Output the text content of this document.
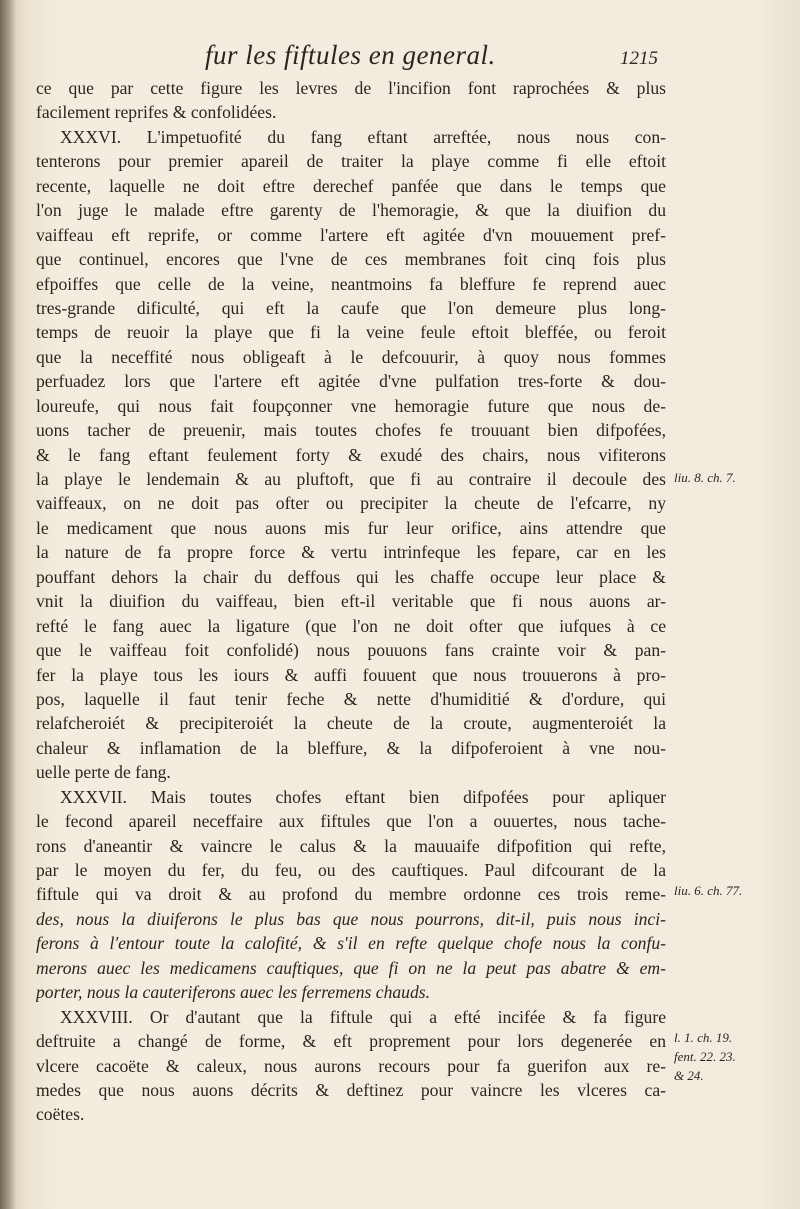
fur les fiftules en general.	1215
ce que par cette figure les levres de l'incifion font raprochées & plus
facilement reprifes & confolidées.
XXXVI. L'impetuofité du fang eftant arreftée, nous nous con-
tenterons pour premier apareil de traiter la playe comme fi elle eftoit
recente, laquelle ne doit eftre derechef panfée que dans le temps que
l'on juge le malade eftre garenty de l'hemoragie, & que la diuifion du
vaiffeau eft reprife, or comme l'artere eft agitée d'vn mouuement pref-
que continuel, encores que l'vne de ces membranes foit cinq fois plus
efpoiffes que celle de la veine, neantmoins fa bleffure fe reprend auec
tres-grande dificulté, qui eft la caufe que l'on demeure plus long-
temps de reuoir la playe que fi la veine feule eftoit bleffée, ou feroit
que la neceffité nous obligeaft à le defcouurir, à quoy nous fommes
perfuadez lors que l'artere eft agitée d'vne pulfation tres-forte & dou-
loureufe, qui nous fait foupçonner vne hemoragie future que nous de-
uons tacher de preuenir, mais toutes chofes fe trouuant bien difpofées,
& le fang eftant feulement forty & exudé des chairs, nous vifiterons
la playe le lendemain & au pluftoft, que fi au contraire il decoule des
vaiffeaux, on ne doit pas ofter ou precipiter la cheute de l'efcarre, ny
le medicament que nous auons mis fur leur orifice, ains attendre que
la nature de fa propre force & vertu intrinfeque les fepare, car en les
pouffant dehors la chair du deffous qui les chaffe occupe leur place &
vnit la diuifion du vaiffeau, bien eft-il veritable que fi nous auons ar-
refté le fang auec la ligature (que l'on ne doit ofter que iufques à ce
que le vaiffeau foit confolidé) nous pouuons fans crainte voir & pan-
fer la playe tous les iours & auffi fouuent que nous trouuerons à pro-
pos, laquelle il faut tenir feche & nette d'humiditié & d'ordure, qui
relafcheroiét & precipiteroiét la cheute de la croute, augmenteroiét la
chaleur & inflamation de la bleffure, & la difpoferoient à vne nou-
uelle perte de fang.
XXXVII. Mais toutes chofes eftant bien difpofées pour apliquer
le fecond apareil neceffaire aux fiftules que l'on a ouuertes, nous tache-
rons d'aneantir & vaincre le calus & la mauuaife difpofition qui refte,
par le moyen du fer, du feu, ou des cauftiques. Paul difcourant de la
fiftule qui va droit & au profond du membre ordonne ces trois reme-
des, nous la diuiferons le plus bas que nous pourrons, dit-il, puis nous inci-
ferons à l'entour toute la calofité, & s'il en refte quelque chofe nous la confu-
merons auec les medicamens cauftiques, que fi on ne la peut pas abatre & em-
porter, nous la cauteriferons auec les ferremens chauds.
XXXVIII. Or d'autant que la fiftule qui a efté incifée & fa figure
deftruite a changé de forme, & eft proprement pour lors degenerée en
vlcere cacoëte & caleux, nous aurons recours pour fa guerifon aux re-
medes que nous auons décrits & deftinez pour vaincre les vlceres ca-
coëtes.
liu. 8. ch. 7.
liu. 6. ch. 77.
l. 1. ch. 19.
fent. 22. 23.
& 24.
